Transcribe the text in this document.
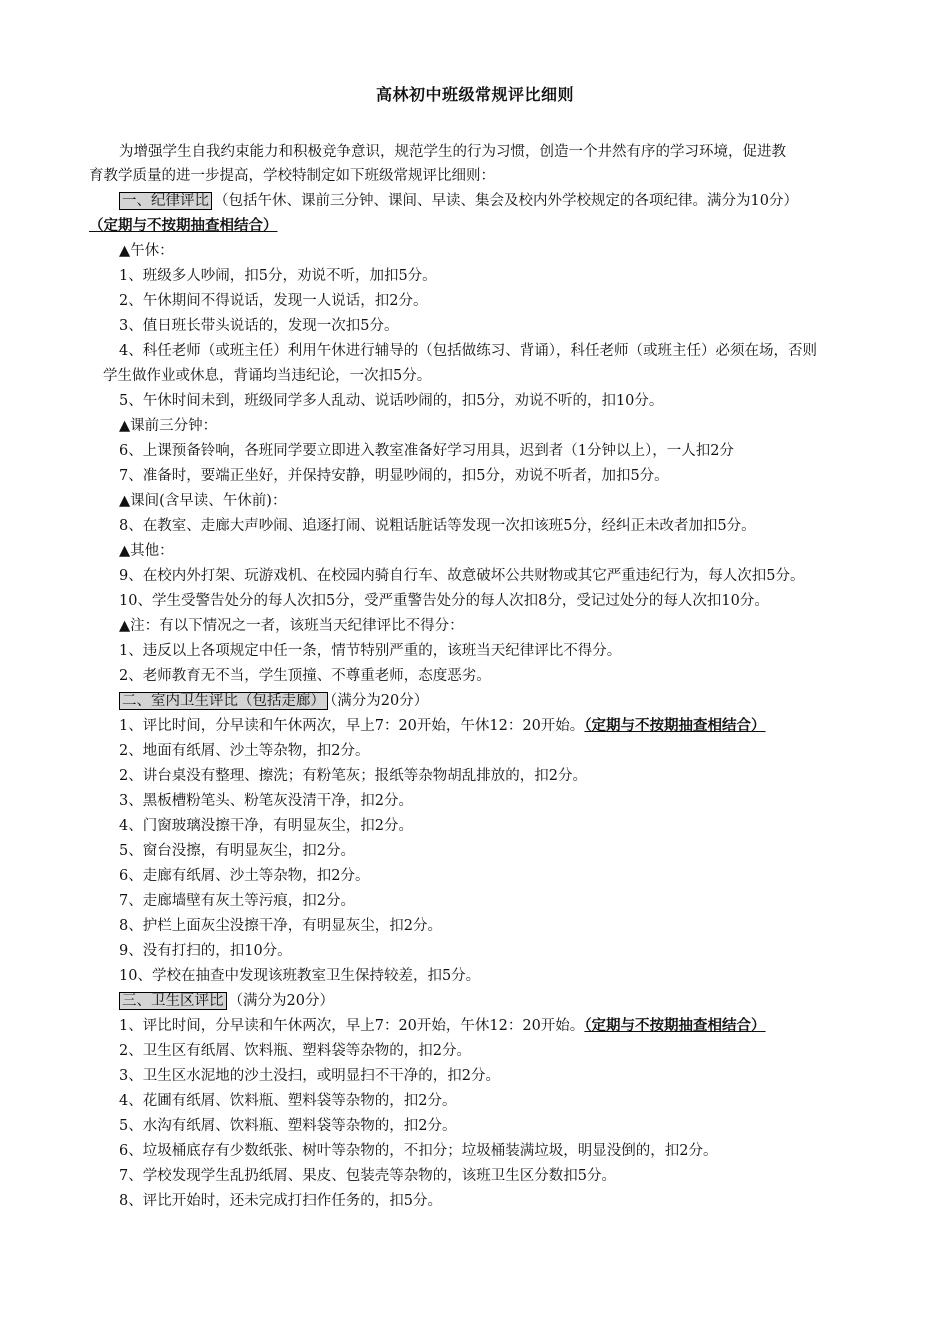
高林初中班级常规评比细则
为增强学生自我约束能力和积极竞争意识，规范学生的行为习惯，创造一个井然有序的学习环境，促进教
育教学质量的进一步提高，学校特制定如下班级常规评比细则：
一、纪律评比 （包括午休、课前三分钟、课间、早读、集会及校内外学校规定的各项纪律。满分为10分）
（定期与不按期抽查相结合）
▲午休：
1、班级多人吵闹，扣5分，劝说不听，加扣5分。
2、午休期间不得说话，发现一人说话，扣2分。
3、值日班长带头说话的，发现一次扣5分。
4、科任老师（或班主任）利用午休进行辅导的（包括做练习、背诵），科任老师（或班主任）必须在场，否则
学生做作业或休息，背诵均当违纪论，一次扣5分。
5、午休时间未到，班级同学多人乱动、说话吵闹的，扣5分，劝说不听的，扣10分。
▲课前三分钟：
6、上课预备铃响，各班同学要立即进入教室准备好学习用具，迟到者（1分钟以上），一人扣2分
7、准备时，要端正坐好，并保持安静，明显吵闹的，扣5分，劝说不听者，加扣5分。
▲课间(含早读、午休前)：
8、在教室、走廊大声吵闹、追逐打闹、说粗话脏话等发现一次扣该班5分，经纠正未改者加扣5分。
▲其他：
9、在校内外打架、玩游戏机、在校园内骑自行车、故意破坏公共财物或其它严重违纪行为，每人次扣5分。
10、学生受警告处分的每人次扣5分，受严重警告处分的每人次扣8分，受记过处分的每人次扣10分。
▲注：有以下情况之一者，该班当天纪律评比不得分：
1、违反以上各项规定中任一条，情节特别严重的，该班当天纪律评比不得分。
2、老师教育无不当，学生顶撞、不尊重老师，态度恶劣。
二、室内卫生评比（包括走廊） （满分为20分）
1、评比时间，分早读和午休两次，早上7：20开始，午休12：20开始。（定期与不按期抽查相结合）
2、地面有纸屑、沙土等杂物，扣2分。
2、讲台桌没有整理、擦洗；有粉笔灰；报纸等杂物胡乱排放的，扣2分。
3、黑板槽粉笔头、粉笔灰没清干净，扣2分。
4、门窗玻璃没擦干净，有明显灰尘，扣2分。
5、窗台没擦，有明显灰尘，扣2分。
6、走廊有纸屑、沙土等杂物，扣2分。
7、走廊墙壁有灰土等污痕，扣2分。
8、护栏上面灰尘没擦干净，有明显灰尘，扣2分。
9、没有打扫的，扣10分。
10、学校在抽查中发现该班教室卫生保持较差，扣5分。
三、卫生区评比 （满分为20分）
1、评比时间，分早读和午休两次，早上7：20开始，午休12：20开始。（定期与不按期抽查相结合）
2、卫生区有纸屑、饮料瓶、塑料袋等杂物的，扣2分。
3、卫生区水泥地的沙土没扫，或明显扫不干净的，扣2分。
4、花圃有纸屑、饮料瓶、塑料袋等杂物的，扣2分。
5、水沟有纸屑、饮料瓶、塑料袋等杂物的，扣2分。
6、垃圾桶底存有少数纸张、树叶等杂物的，不扣分；垃圾桶装满垃圾，明显没倒的，扣2分。
7、学校发现学生乱扔纸屑、果皮、包装壳等杂物的，该班卫生区分数扣5分。
8、评比开始时，还未完成打扫作任务的，扣5分。
